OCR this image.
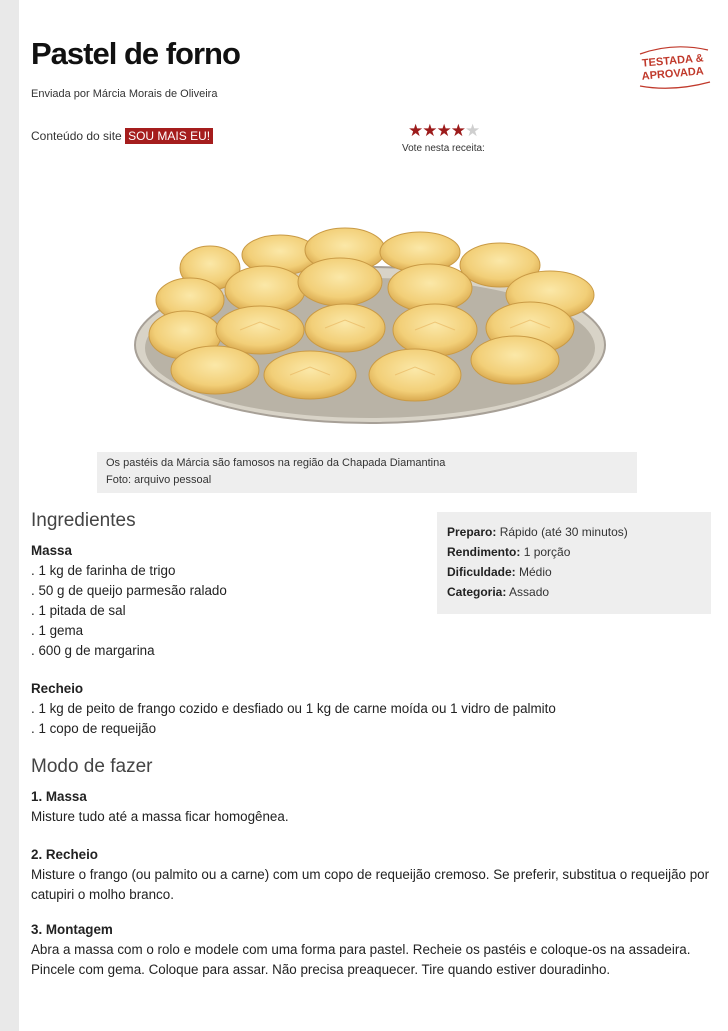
Pastel de forno
Enviada por Márcia Morais de Oliveira
TESTADA &
APROVADA
Conteúdo do site SOU MAIS EU!	★★★★★
Vote nesta receita:
Os pastéis da Márcia são famosos na região da Chapada Diamantina
Foto: arquivo pessoal
Ingredientes
Preparo: Rápido (até 30 minutos)
Rendimento: 1 porção
Dificuldade: Médio
Categoria: Assado
Massa
. 1 kg de farinha de trigo
. 50 g de queijo parmesão ralado
. 1 pitada de sal
. 1 gema
. 600 g de margarina
Recheio
. 1 kg de peito de frango cozido e desfiado ou 1 kg de carne moída ou 1 vidro de palmito
. 1 copo de requeijão
Modo de fazer
1. Massa
Misture tudo até a massa ficar homogênea.
2. Recheio
Misture o frango (ou palmito ou a carne) com um copo de requeijão cremoso. Se preferir, substitua o requeijão por catupiri o molho branco.
3. Montagem
Abra a massa com o rolo e modele com uma forma para pastel. Recheie os pastéis e coloque-os na assadeira. Pincele com gema. Coloque para assar. Não precisa preaquecer. Tire quando estiver douradinho.
